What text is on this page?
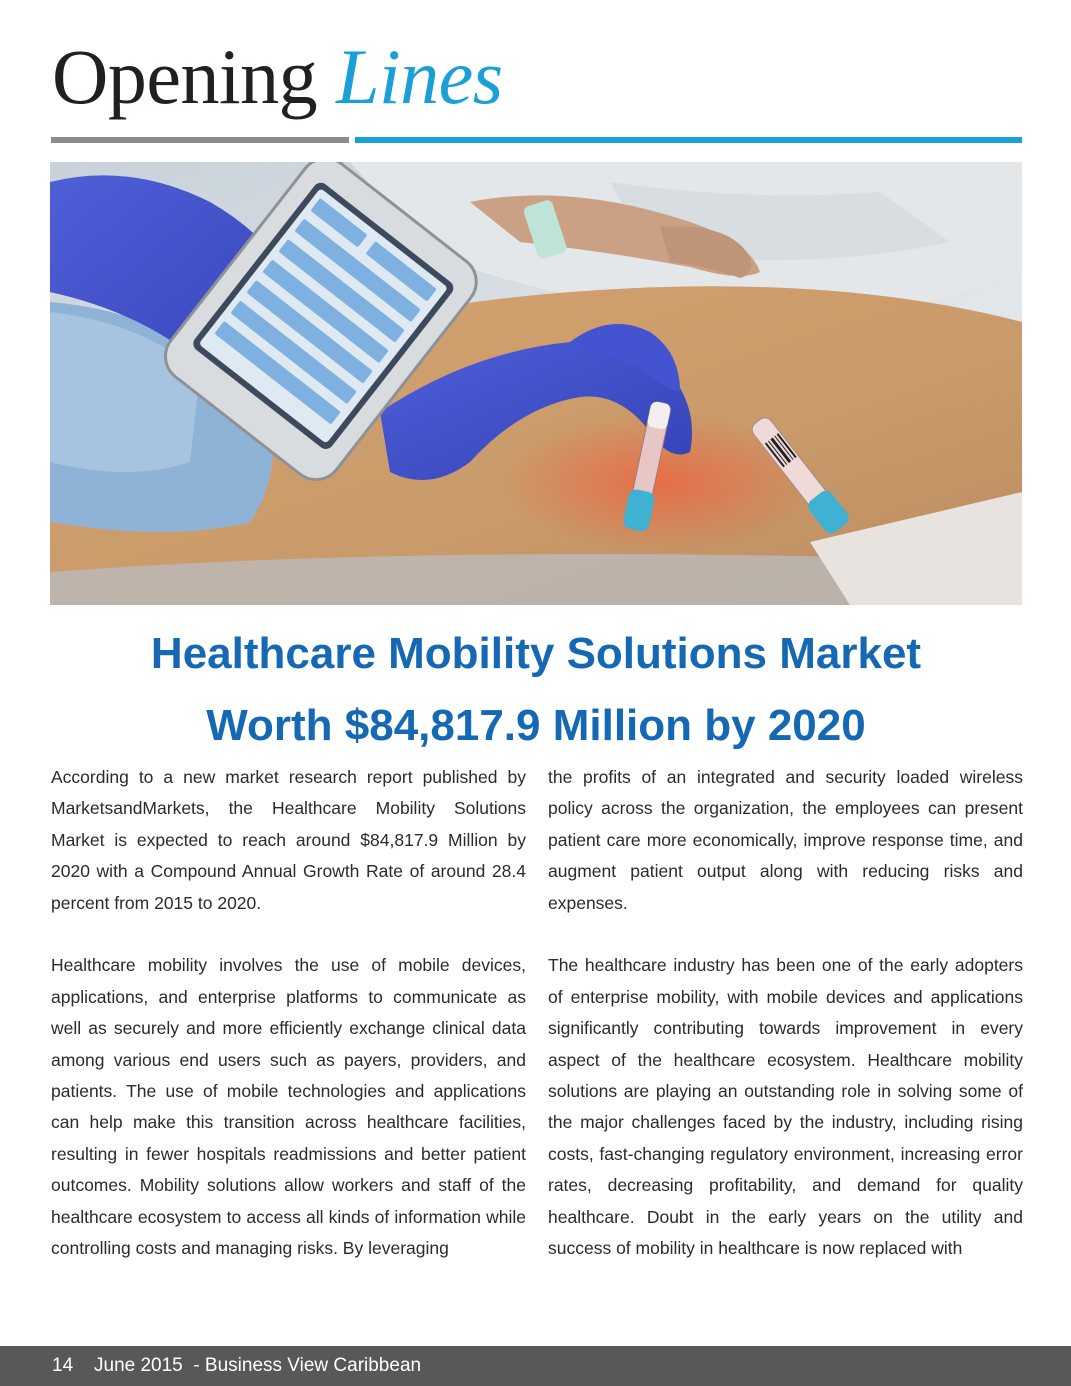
Opening Lines
Healthcare Mobility Solutions Market
Worth $84,817.9 Million by 2020

According to a new market research report published by MarketsandMarkets, the Healthcare Mobility Solutions Market is expected to reach around $84,817.9 Million by 2020 with a Compound Annual Growth Rate of around 28.4 percent from 2015 to 2020.

Healthcare mobility involves the use of mobile devices, applications, and enterprise platforms to communicate as well as securely and more efficiently exchange clinical data among various end users such as payers, providers, and patients. The use of mobile technologies and applications can help make this transition across healthcare facilities, resulting in fewer hospitals readmissions and better patient outcomes. Mobility solutions allow workers and staff of the healthcare ecosystem to access all kinds of information while controlling costs and managing risks. By leveraging

the profits of an integrated and security loaded wireless policy across the organization, the employees can present patient care more economically, improve response time, and augment patient output along with reducing risks and expenses.

The healthcare industry has been one of the early adopters of enterprise mobility, with mobile devices and applications significantly contributing towards improvement in every aspect of the healthcare ecosystem. Healthcare mobility solutions are playing an outstanding role in solving some of the major challenges faced by the industry, including rising costs, fast-changing regulatory environment, increasing error rates, decreasing profitability, and demand for quality healthcare. Doubt in the early years on the utility and success of mobility in healthcare is now replaced with

14 June 2015  - Business View Caribbean
